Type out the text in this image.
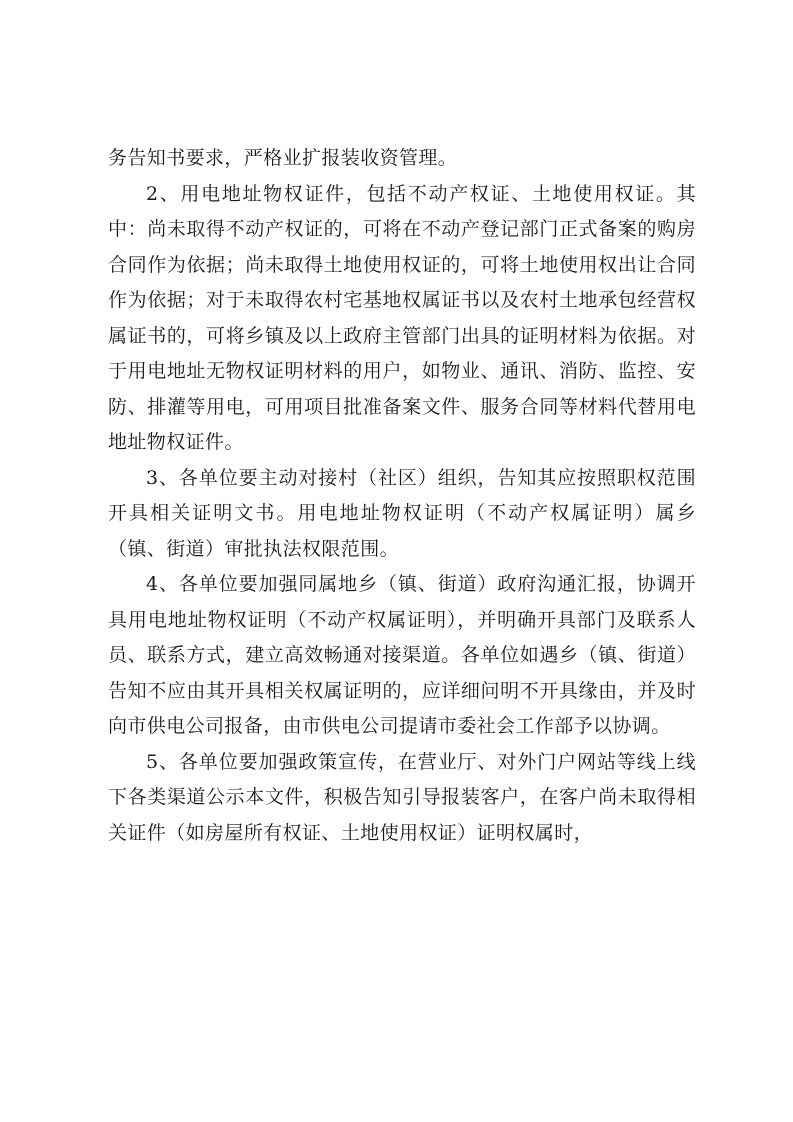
务告知书要求，严格业扩报装收资管理。

2、用电地址物权证件，包括不动产权证、土地使用权证。其中：尚未取得不动产权证的，可将在不动产登记部门正式备案的购房合同作为依据；尚未取得土地使用权证的，可将土地使用权出让合同作为依据；对于未取得农村宅基地权属证书以及农村土地承包经营权属证书的，可将乡镇及以上政府主管部门出具的证明材料为依据。对于用电地址无物权证明材料的用户，如物业、通讯、消防、监控、安防、排灌等用电，可用项目批准备案文件、服务合同等材料代替用电地址物权证件。

3、各单位要主动对接村（社区）组织，告知其应按照职权范围开具相关证明文书。用电地址物权证明（不动产权属证明）属乡（镇、街道）审批执法权限范围。

4、各单位要加强同属地乡（镇、街道）政府沟通汇报，协调开具用电地址物权证明（不动产权属证明），并明确开具部门及联系人员、联系方式，建立高效畅通对接渠道。各单位如遇乡（镇、街道）告知不应由其开具相关权属证明的，应详细问明不开具缘由，并及时向市供电公司报备，由市供电公司提请市委社会工作部予以协调。

5、各单位要加强政策宣传，在营业厅、对外门户网站等线上线下各类渠道公示本文件，积极告知引导报装客户，在客户尚未取得相关证件（如房屋所有权证、土地使用权证）证明权属时，
